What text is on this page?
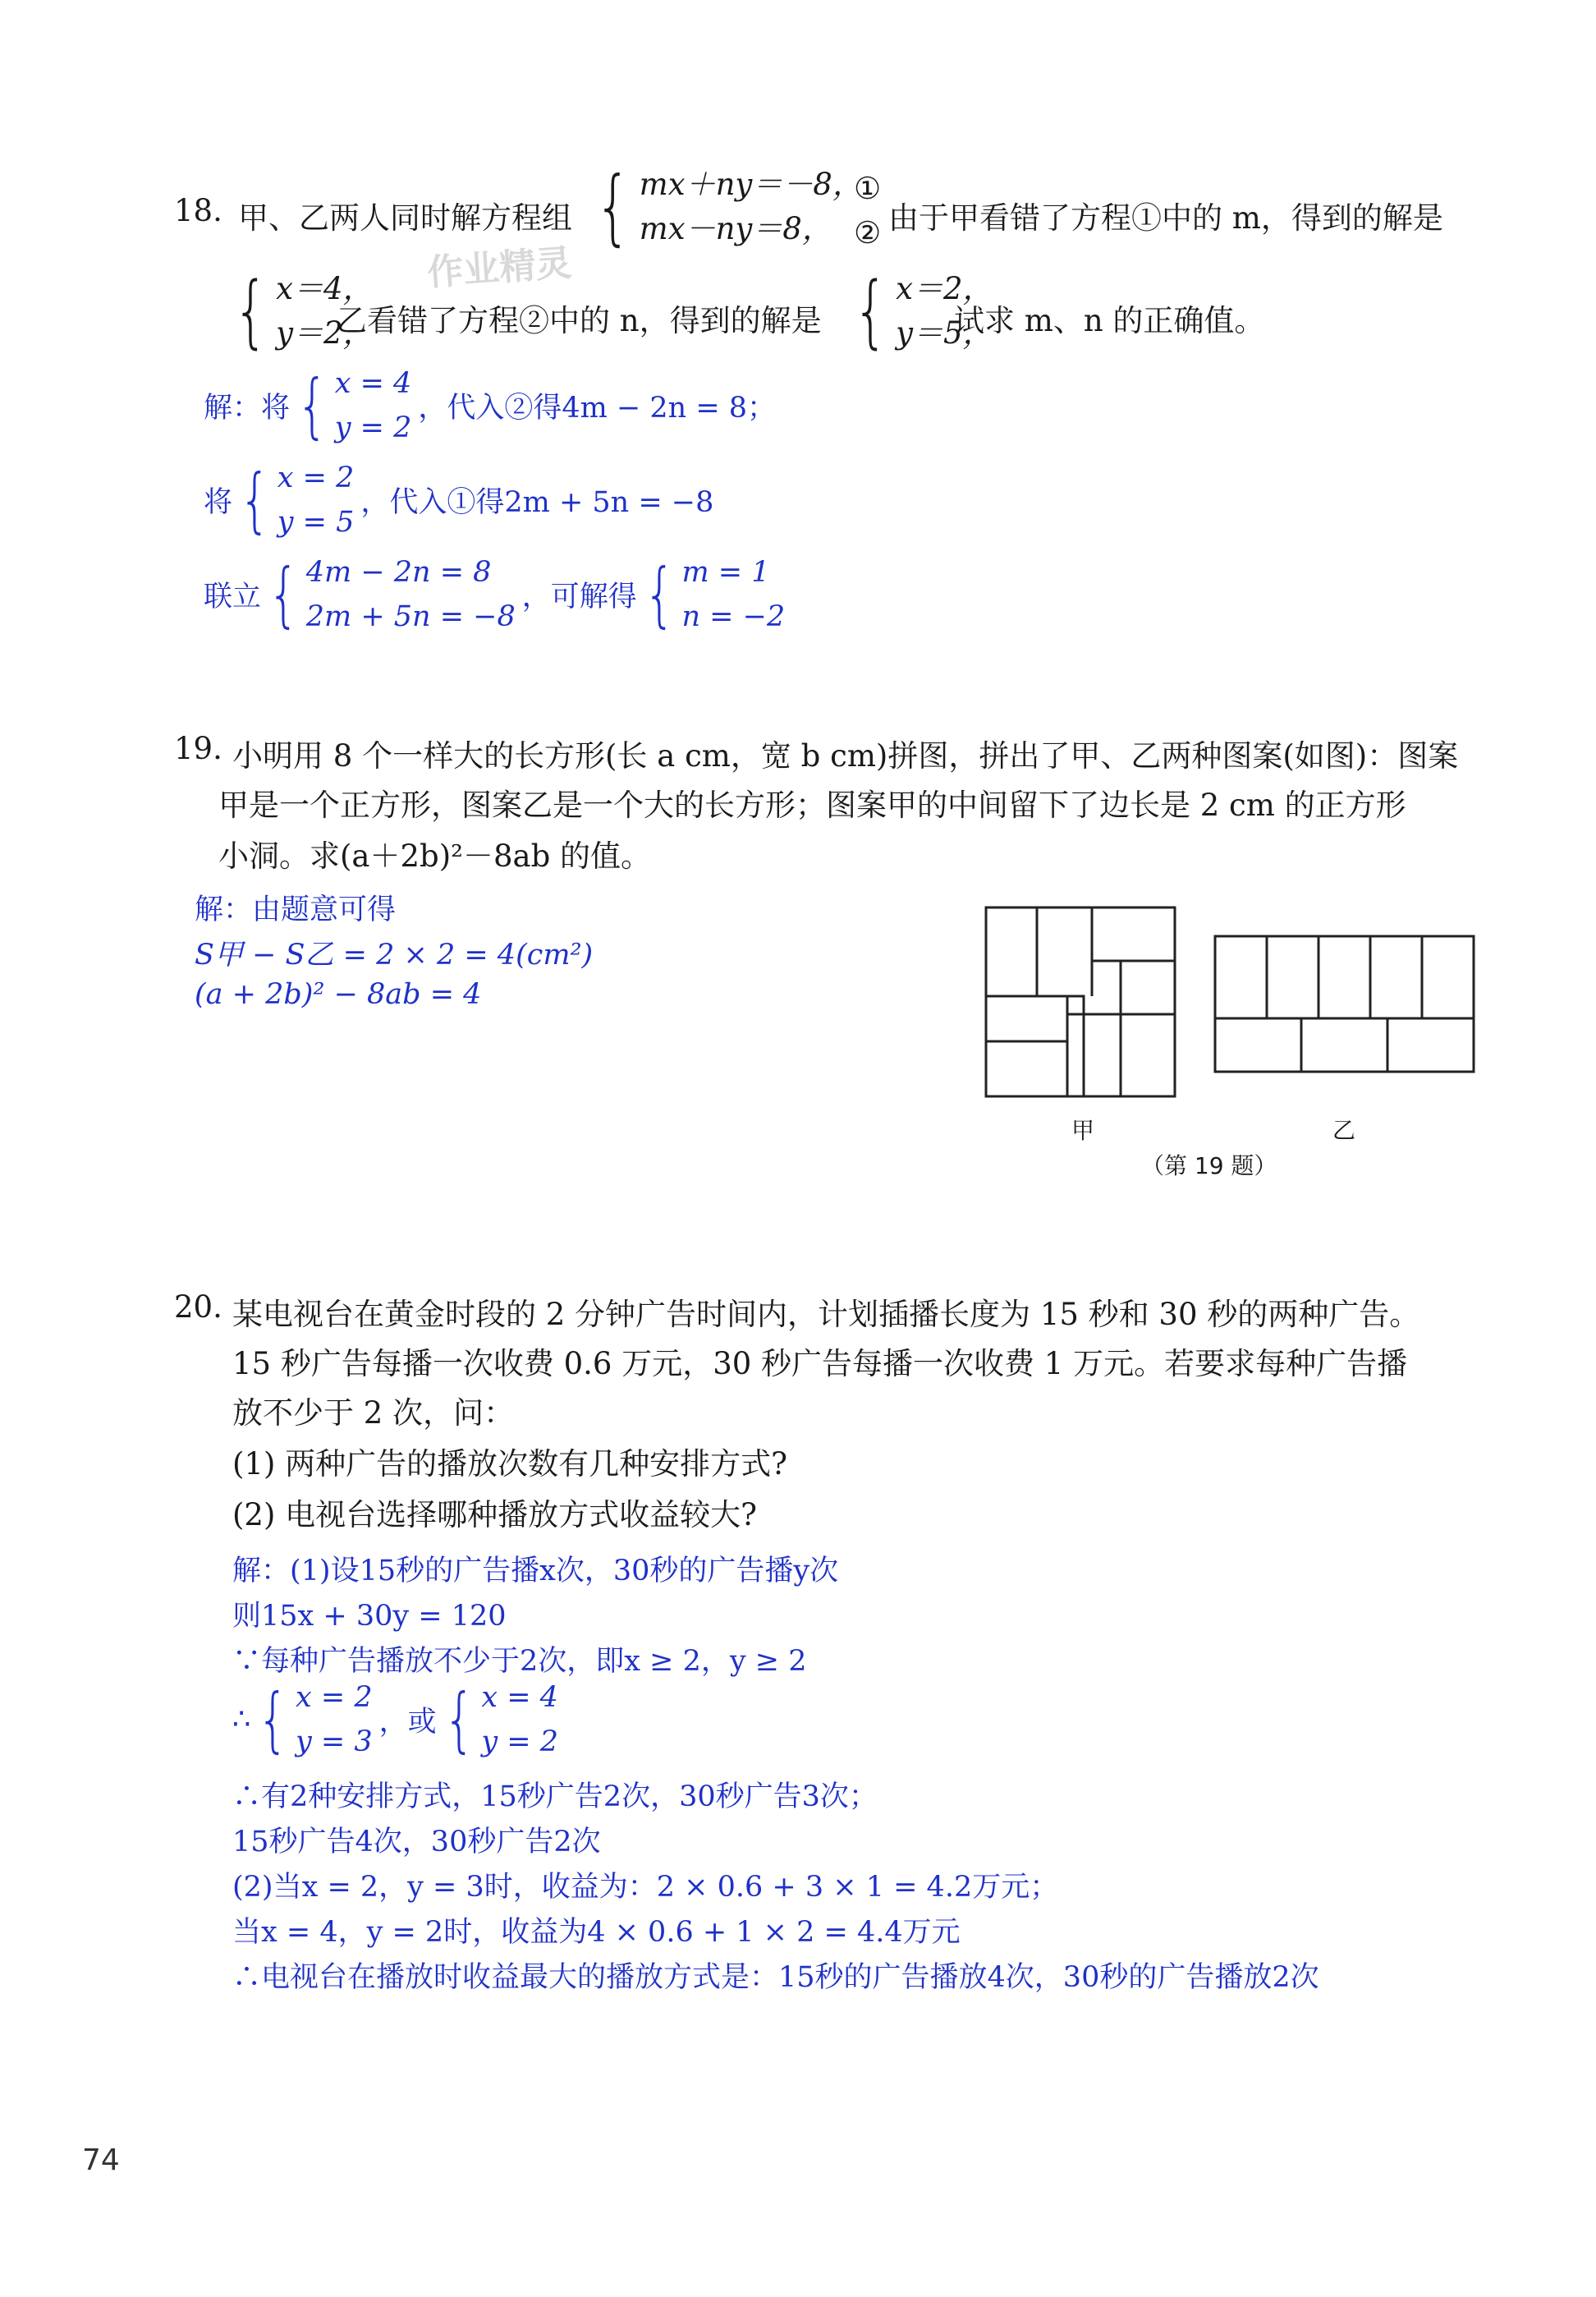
18. 甲、乙两人同时解方程组 { mx＋ny＝－8，
mx－ny＝8，
①
② 由于甲看错了方程①中的 m，得到的解是
{ x＝4，
y＝2，
乙看错了方程②中的 n，得到的解是 { x＝2，
y＝5，
试求 m、n 的正确值。
作业精灵
解：将 { x = 4
y = 2
，代入②得4m − 2n = 8；
将 { x = 2
y = 5
，代入①得2m + 5n = −8
联立 { 4m − 2n = 8
2m + 5n = −8
，可解得 { m = 1
n = −2
19. 小明用 8 个一样大的长方形(长 a cm，宽 b cm)拼图，拼出了甲、乙两种图案(如图)：图案
甲是一个正方形，图案乙是一个大的长方形；图案甲的中间留下了边长是 2 cm 的正方形
小洞。求(a＋2b)²－8ab 的值。
解：由题意可得
S甲 − S乙 = 2 × 2 = 4(cm²)
(a + 2b)² − 8ab = 4
甲	乙
（第 19 题）
20. 某电视台在黄金时段的 2 分钟广告时间内，计划插播长度为 15 秒和 30 秒的两种广告。
15 秒广告每播一次收费 0.6 万元，30 秒广告每播一次收费 1 万元。若要求每种广告播
放不少于 2 次，问：
(1) 两种广告的播放次数有几种安排方式?
(2) 电视台选择哪种播放方式收益较大?
解：(1)设15秒的广告播x次，30秒的广告播y次
则15x + 30y = 120
∵每种广告播放不少于2次，即x ≥ 2，y ≥ 2
∴ { x = 2
y = 3
，或 { x = 4
y = 2
∴有2种安排方式，15秒广告2次，30秒广告3次；
15秒广告4次，30秒广告2次
(2)当x = 2，y = 3时，收益为：2 × 0.6 + 3 × 1 = 4.2万元；
当x = 4，y = 2时，收益为4 × 0.6 + 1 × 2 = 4.4万元
∴电视台在播放时收益最大的播放方式是：15秒的广告播放4次，30秒的广告播放2次
74
